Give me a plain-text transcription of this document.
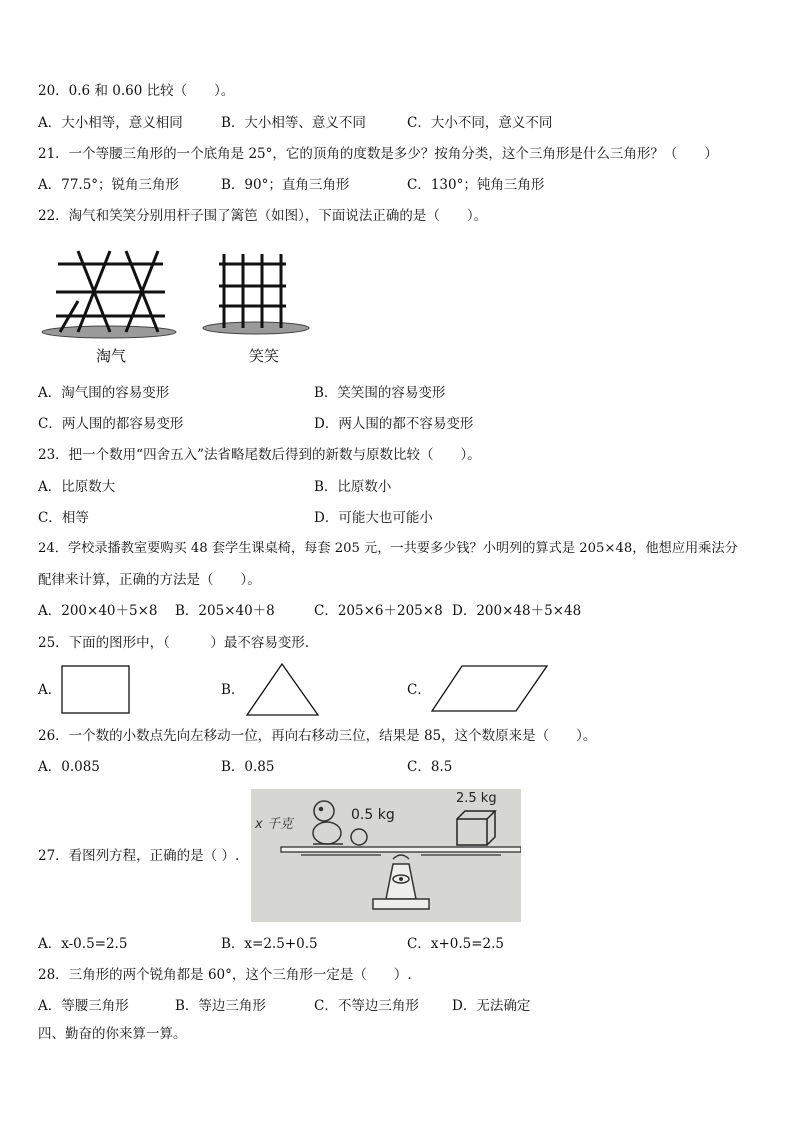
20．0.6 和 0.60 比较（　　）。
A．大小相等，意义相同	B．大小相等、意义不同	C．大小不同，意义不同
21．一个等腰三角形的一个底角是 25°，它的顶角的度数是多少？按角分类，这个三角形是什么三角形？（　　）
A．77.5°；锐角三角形	B．90°；直角三角形	C．130°；钝角三角形
22．淘气和笑笑分别用杆子围了篱笆（如图），下面说法正确的是（　　）。
淘气	笑笑
A．淘气围的容易变形	B．笑笑围的容易变形
C．两人围的都容易变形	D．两人围的都不容易变形
23．把一个数用“四舍五入”法省略尾数后得到的新数与原数比较（　　）。
A．比原数大	B．比原数小
C．相等	D．可能大也可能小
24．学校录播教室要购买 48 套学生课桌椅，每套 205 元，一共要多少钱？小明列的算式是 205×48，他想应用乘法分
配律来计算，正确的方法是（　　）。
A．200×40＋5×8 B．205×40＋8	C．205×6＋205×8 D．200×48＋5×48
25．下面的图形中，（　　　）最不容易变形.
A．	B．	C．
26．一个数的小数点先向左移动一位，再向右移动三位，结果是 85，这个数原来是（　　）。
A．0.085	B．0.85	C．8.5
27．看图列方程，正确的是（ ）.
x 千克
0.5 kg
2.5 kg
A．x-0.5=2.5	B．x=2.5+0.5	C．x+0.5=2.5
28．三角形的两个锐角都是 60°，这个三角形一定是（　　）.
A．等腰三角形	B．等边三角形	C．不等边三角形 D．无法确定
四、勤奋的你来算一算。
